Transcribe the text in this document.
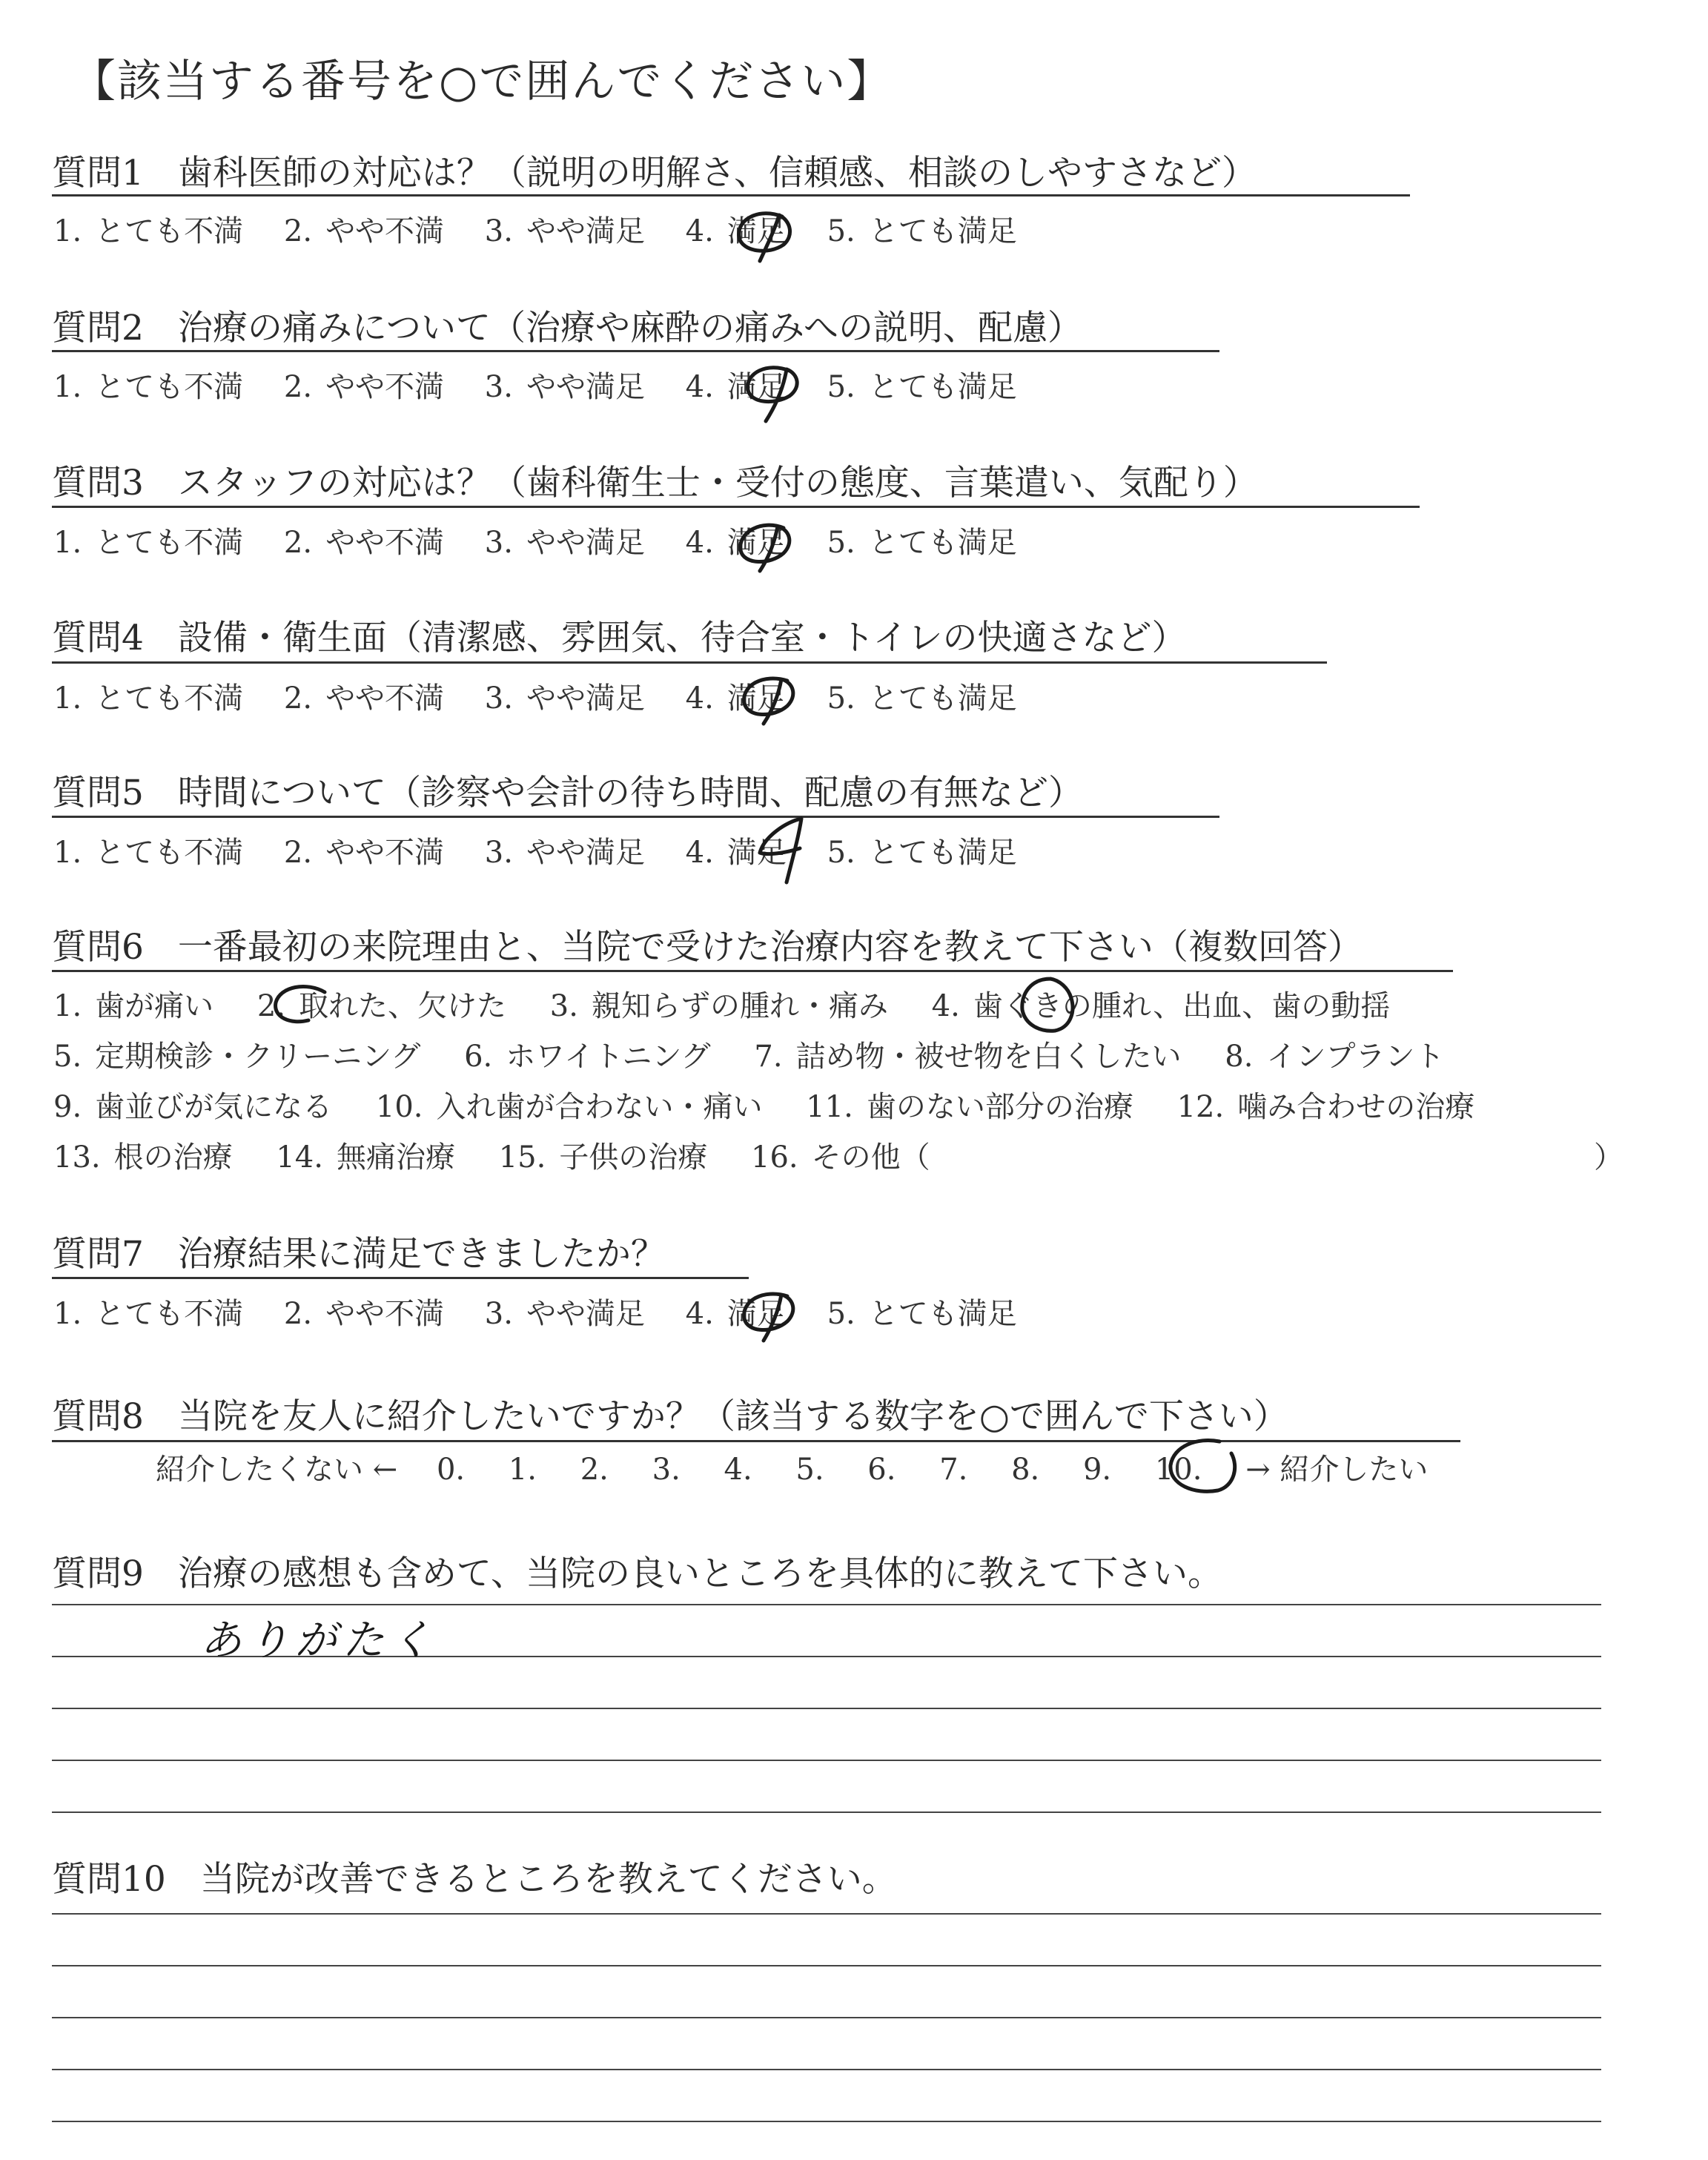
【該当する番号を○で囲んでください】
質問1 歯科医師の対応は？（説明の明解さ、信頼感、相談のしやすさなど）
1. とても不満 2. やや不満 3. やや満足 4. 満足 5. とても満足
質問2 治療の痛みについて（治療や麻酔の痛みへの説明、配慮）
1. とても不満 2. やや不満 3. やや満足 4. 満足 5. とても満足
質問3 スタッフの対応は？（歯科衛生士・受付の態度、言葉遣い、気配り）
1. とても不満 2. やや不満 3. やや満足 4. 満足 5. とても満足
質問4 設備・衛生面（清潔感、雰囲気、待合室・トイレの快適さなど）
1. とても不満 2. やや不満 3. やや満足 4. 満足 5. とても満足
質問5 時間について（診察や会計の待ち時間、配慮の有無など）
1. とても不満 2. やや不満 3. やや満足 4. 満足 5. とても満足
質問6 一番最初の来院理由と、当院で受けた治療内容を教えて下さい（複数回答）
1. 歯が痛い 2. 取れた、欠けた 3. 親知らずの腫れ・痛み 4. 歯ぐきの腫れ、出血、歯の動揺
5. 定期検診・クリーニング 6. ホワイトニング 7. 詰め物・被せ物を白くしたい 8. インプラント
9. 歯並びが気になる 10. 入れ歯が合わない・痛い 11. 歯のない部分の治療 12. 噛み合わせの治療
13. 根の治療 14. 無痛治療 15. 子供の治療 16. その他（	）
質問7 治療結果に満足できましたか？
1. とても不満 2. やや不満 3. やや満足 4. 満足 5. とても満足
質問8 当院を友人に紹介したいですか？（該当する数字を○で囲んで下さい）
紹介したくない ← 0. 1. 2. 3. 4. 5. 6. 7. 8. 9. 10. → 紹介したい
質問9 治療の感想も含めて、当院の良いところを具体的に教えて下さい。
ありがたく
質問10 当院が改善できるところを教えてください。
